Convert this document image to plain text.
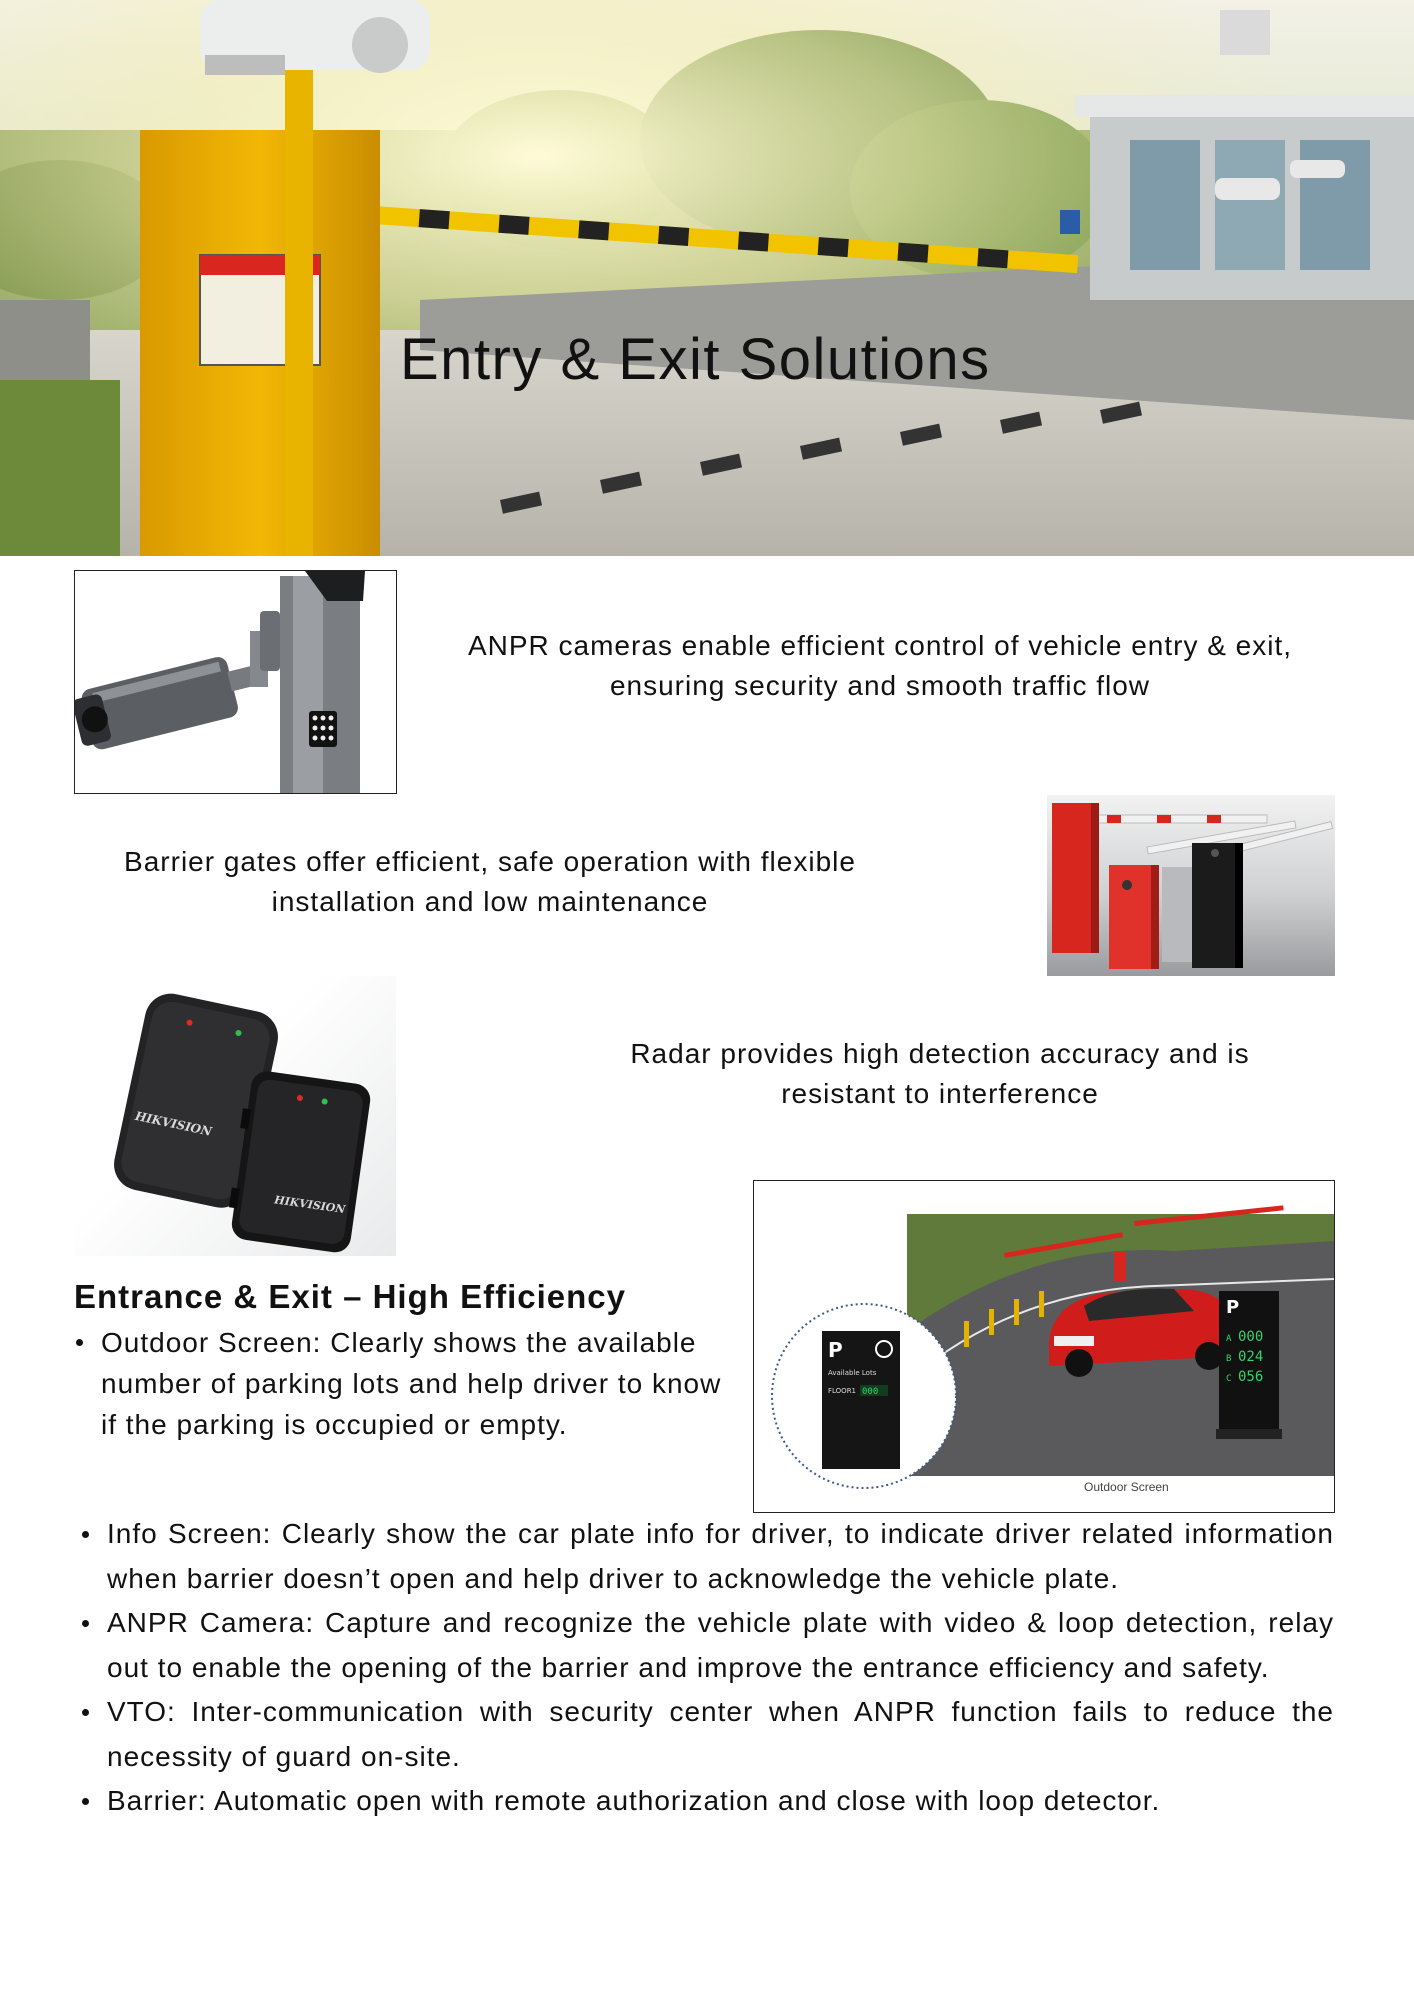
Entry & Exit Solutions
ANPR cameras enable efficient control of vehicle entry & exit,
ensuring security and smooth traffic flow
Barrier gates offer efficient, safe operation with flexible
installation and low maintenance
HIKVISION
HIKVISION
Radar provides high detection accuracy and is
resistant to interference
Entrance & Exit – High Efficiency
Outdoor Screen: Clearly shows the available number of parking lots and help driver to know if the parking is occupied or empty.
P
A 000
B 024
C 056
P
Available Lots
FLOOR1 000
Outdoor Screen
Info Screen: Clearly show the car plate info for driver, to indicate driver related information when barrier doesn’t open and help driver to acknowledge the vehicle plate.
ANPR Camera: Capture and recognize the vehicle plate with video & loop detection, relay out to enable the opening of the barrier and improve the entrance efficiency and safety.
VTO: Inter-communication with security center when ANPR function fails to reduce the necessity of guard on-site.
Barrier: Automatic open with remote authorization and close with loop detector.
